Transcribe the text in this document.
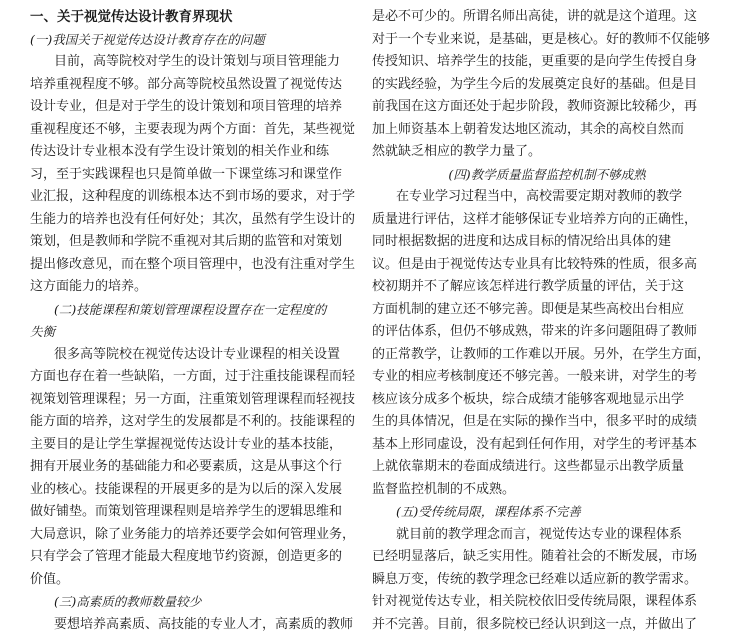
一、关于视觉传达设计教育界现状
(一)我国关于视觉传达设计教育存在的问题
目前，高等院校对学生的设计策划与项目管理能力
培养重视程度不够。部分高等院校虽然设置了视觉传达
设计专业，但是对于学生的设计策划和项目管理的培养
重视程度还不够，主要表现为两个方面：首先，某些视觉
传达设计专业根本没有学生设计策划的相关作业和练
习，至于实践课程也只是简单做一下课堂练习和课堂作
业汇报，这种程度的训练根本达不到市场的要求，对于学
生能力的培养也没有任何好处；其次，虽然有学生设计的
策划，但是教师和学院不重视对其后期的监管和对策划
提出修改意见，而在整个项目管理中，也没有注重对学生
这方面能力的培养。
(二)技能课程和策划管理课程设置存在一定程度的
失衡
很多高等院校在视觉传达设计专业课程的相关设置
方面也存在着一些缺陷，一方面，过于注重技能课程而轻
视策划管理课程；另一方面，注重策划管理课程而轻视技
能方面的培养，这对学生的发展都是不利的。技能课程的
主要目的是让学生掌握视觉传达设计专业的基本技能，
拥有开展业务的基础能力和必要素质，这是从事这个行
业的核心。技能课程的开展更多的是为以后的深入发展
做好铺垫。而策划管理课程则是培养学生的逻辑思维和
大局意识，除了业务能力的培养还要学会如何管理业务，
只有学会了管理才能最大程度地节约资源，创造更多的
价值。
(三)高素质的教师数量较少
要想培养高素质、高技能的专业人才，高素质的教师
是必不可少的。所谓名师出高徒，讲的就是这个道理。这
对于一个专业来说，是基础，更是核心。好的教师不仅能够
传授知识、培养学生的技能，更重要的是向学生传授自身
的实践经验，为学生今后的发展奠定良好的基础。但是目
前我国在这方面还处于起步阶段，教师资源比较稀少，再
加上师资基本上朝着发达地区流动，其余的高校自然而
然就缺乏相应的教学力量了。
(四)教学质量监督监控机制不够成熟
在专业学习过程当中，高校需要定期对教师的教学
质量进行评估，这样才能够保证专业培养方向的正确性，
同时根据数据的进度和达成目标的情况给出具体的建
议。但是由于视觉传达专业具有比较特殊的性质，很多高
校初期并不了解应该怎样进行教学质量的评估，关于这
方面机制的建立还不够完善。即便是某些高校出台相应
的评估体系，但仍不够成熟，带来的许多问题阻碍了教师
的正常教学，让教师的工作难以开展。另外，在学生方面，
专业的相应考核制度还不够完善。一般来讲，对学生的考
核应该分成多个板块，综合成绩才能够客观地显示出学
生的具体情况，但是在实际的操作当中，很多平时的成绩
基本上形同虚设，没有起到任何作用，对学生的考评基本
上就依靠期末的卷面成绩进行。这些都显示出教学质量
监督监控机制的不成熟。
(五)受传统局限，课程体系不完善
就目前的教学理念而言，视觉传达专业的课程体系
已经明显落后，缺乏实用性。随着社会的不断发展，市场
瞬息万变，传统的教学理念已经难以适应新的教学需求。
针对视觉传达专业，相关院校依旧受传统局限，课程体系
并不完善。目前，很多院校已经认识到这一点，并做出了
